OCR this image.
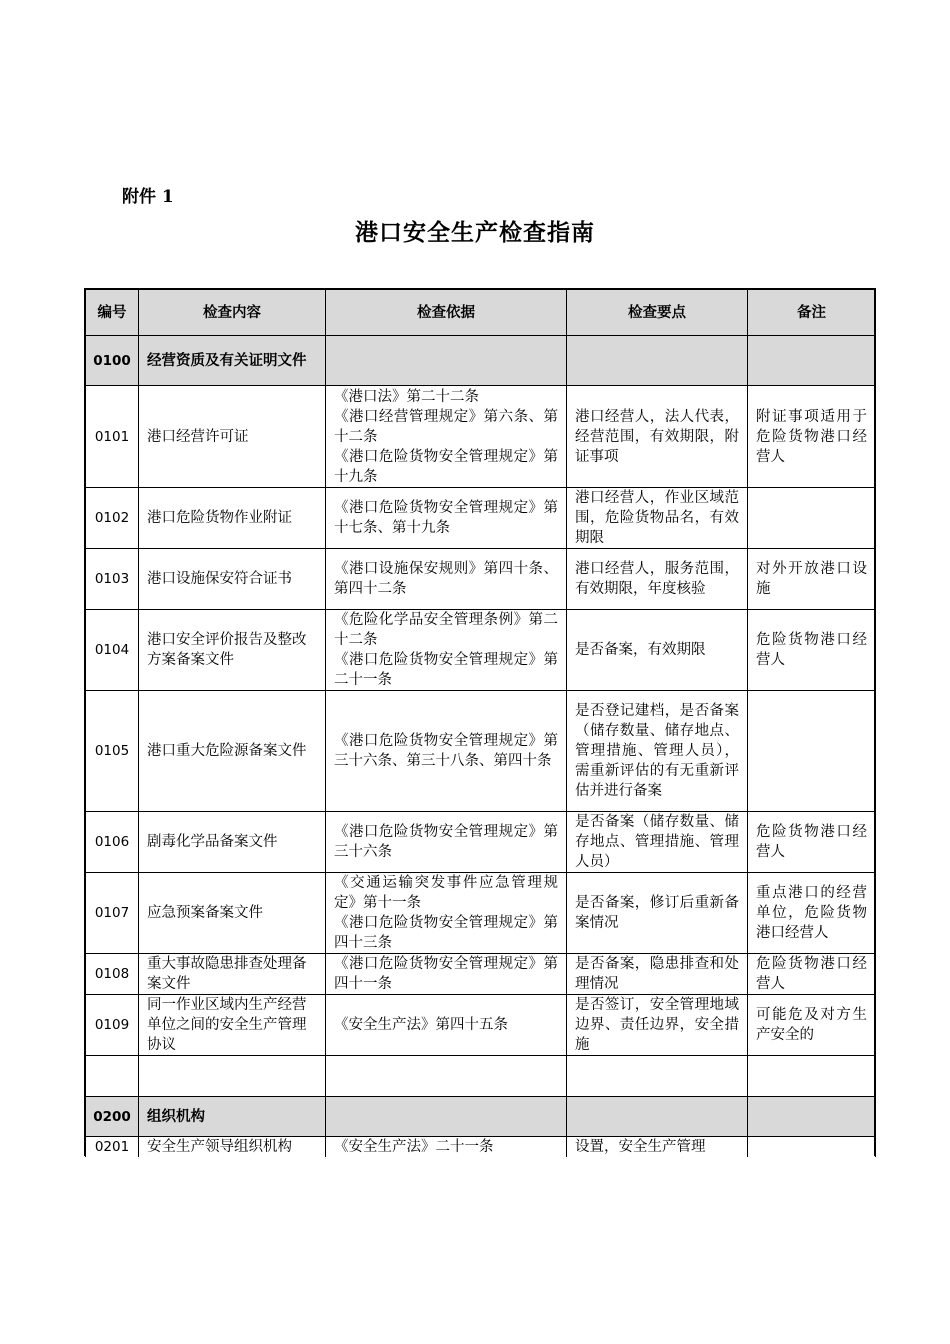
附件 1
港口安全生产检查指南
编号	检查内容	检查依据	检查要点	备注
0100	经营资质及有关证明文件			
0101	港口经营许可证	《港口法》第二十二条
《港口经营管理规定》第六条、第十二条
《港口危险货物安全管理规定》第十九条	港口经营人，法人代表，经营范围，有效期限，附证事项	附证事项适用于危险货物港口经营人
0102	港口危险货物作业附证	《港口危险货物安全管理规定》第十七条、第十九条	港口经营人，作业区域范围，危险货物品名，有效期限	
0103	港口设施保安符合证书	《港口设施保安规则》第四十条、第四十二条	港口经营人，服务范围，有效期限，年度核验	对外开放港口设施
0104	港口安全评价报告及整改方案备案文件	《危险化学品安全管理条例》第二十二条
《港口危险货物安全管理规定》第二十一条	是否备案，有效期限	危险货物港口经营人
0105	港口重大危险源备案文件	《港口危险货物安全管理规定》第三十六条、第三十八条、第四十条	是否登记建档，是否备案（储存数量、储存地点、管理措施、管理人员），需重新评估的有无重新评估并进行备案	
0106	剧毒化学品备案文件	《港口危险货物安全管理规定》第三十六条	是否备案（储存数量、储存地点、管理措施、管理人员）	危险货物港口经营人
0107	应急预案备案文件	《交通运输突发事件应急管理规定》第十一条
《港口危险货物安全管理规定》第四十三条	是否备案，修订后重新备案情况	重点港口的经营单位，危险货物港口经营人
0108	重大事故隐患排查处理备案文件	《港口危险货物安全管理规定》第四十一条	是否备案，隐患排查和处理情况	危险货物港口经营人
0109	同一作业区域内生产经营单位之间的安全生产管理协议	《安全生产法》第四十五条	是否签订，安全管理地域边界、责任边界，安全措施	可能危及对方生产安全的

0200	组织机构			
0201	安全生产领导组织机构	《安全生产法》二十一条	设置，安全生产管理	
